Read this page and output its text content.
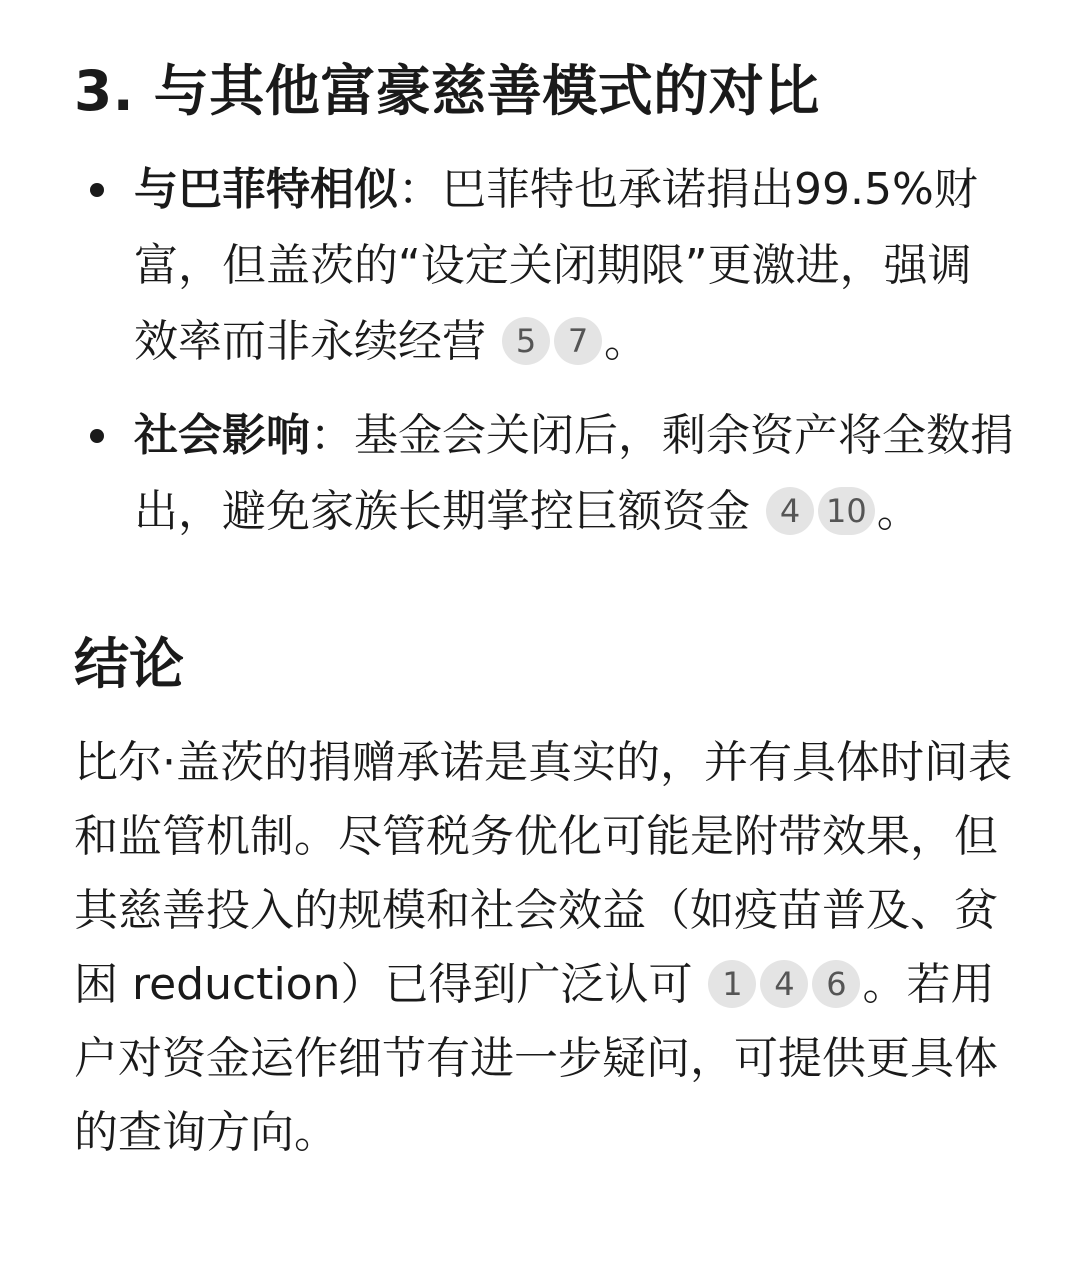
3. 与其他富豪慈善模式的对比
与巴菲特相似：巴菲特也承诺捐出99.5%财富，但盖茨的“设定关闭期限”更激进，强调效率而非永续经营 5 7 。
社会影响：基金会关闭后，剩余资产将全数捐出，避免家族长期掌控巨额资金 4 10 。
结论

比尔·盖茨的捐赠承诺是真实的，并有具体时间表和监管机制。尽管税务优化可能是附带效果，但其慈善投入的规模和社会效益（如疫苗普及、贫困 reduction）已得到广泛认可 1 4 6 。若用户对资金运作细节有进一步疑问，可提供更具体的查询方向。
